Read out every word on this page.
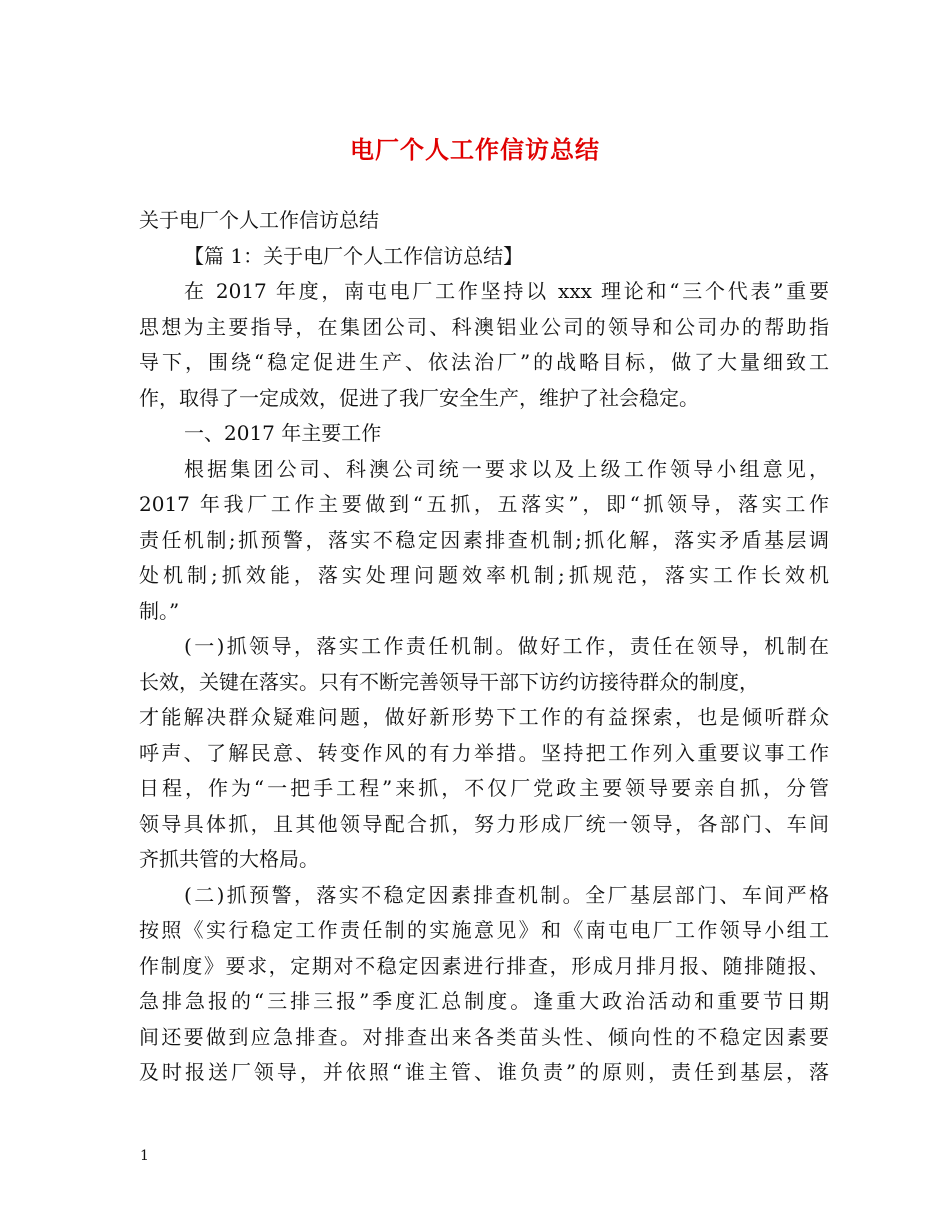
电厂个人工作信访总结
关于电厂个人工作信访总结
【篇 1：关于电厂个人工作信访总结】
在 2017 年度，南屯电厂工作坚持以 xxx 理论和“三个代表”重要
思想为主要指导，在集团公司、科澳铝业公司的领导和公司办的帮助指
导下，围绕“稳定促进生产、依法治厂”的战略目标，做了大量细致工
作，取得了一定成效，促进了我厂安全生产，维护了社会稳定。
一、2017 年主要工作
根据集团公司、科澳公司统一要求以及上级工作领导小组意见，
2017 年我厂工作主要做到“五抓，五落实”，即“抓领导，落实工作
责任机制;抓预警，落实不稳定因素排查机制;抓化解，落实矛盾基层调
处机制;抓效能，落实处理问题效率机制;抓规范，落实工作长效机
制。”
(一)抓领导，落实工作责任机制。做好工作，责任在领导，机制在
长效，关键在落实。只有不断完善领导干部下访约访接待群众的制度，
才能解决群众疑难问题，做好新形势下工作的有益探索，也是倾听群众
呼声、了解民意、转变作风的有力举措。坚持把工作列入重要议事工作
日程，作为“一把手工程”来抓，不仅厂党政主要领导要亲自抓，分管
领导具体抓，且其他领导配合抓，努力形成厂统一领导，各部门、车间
齐抓共管的大格局。
(二)抓预警，落实不稳定因素排查机制。全厂基层部门、车间严格
按照《实行稳定工作责任制的实施意见》和《南屯电厂工作领导小组工
作制度》要求，定期对不稳定因素进行排查，形成月排月报、随排随报、
急排急报的“三排三报”季度汇总制度。逢重大政治活动和重要节日期
间还要做到应急排查。对排查出来各类苗头性、倾向性的不稳定因素要
及时报送厂领导，并依照“谁主管、谁负责”的原则，责任到基层，落
1
